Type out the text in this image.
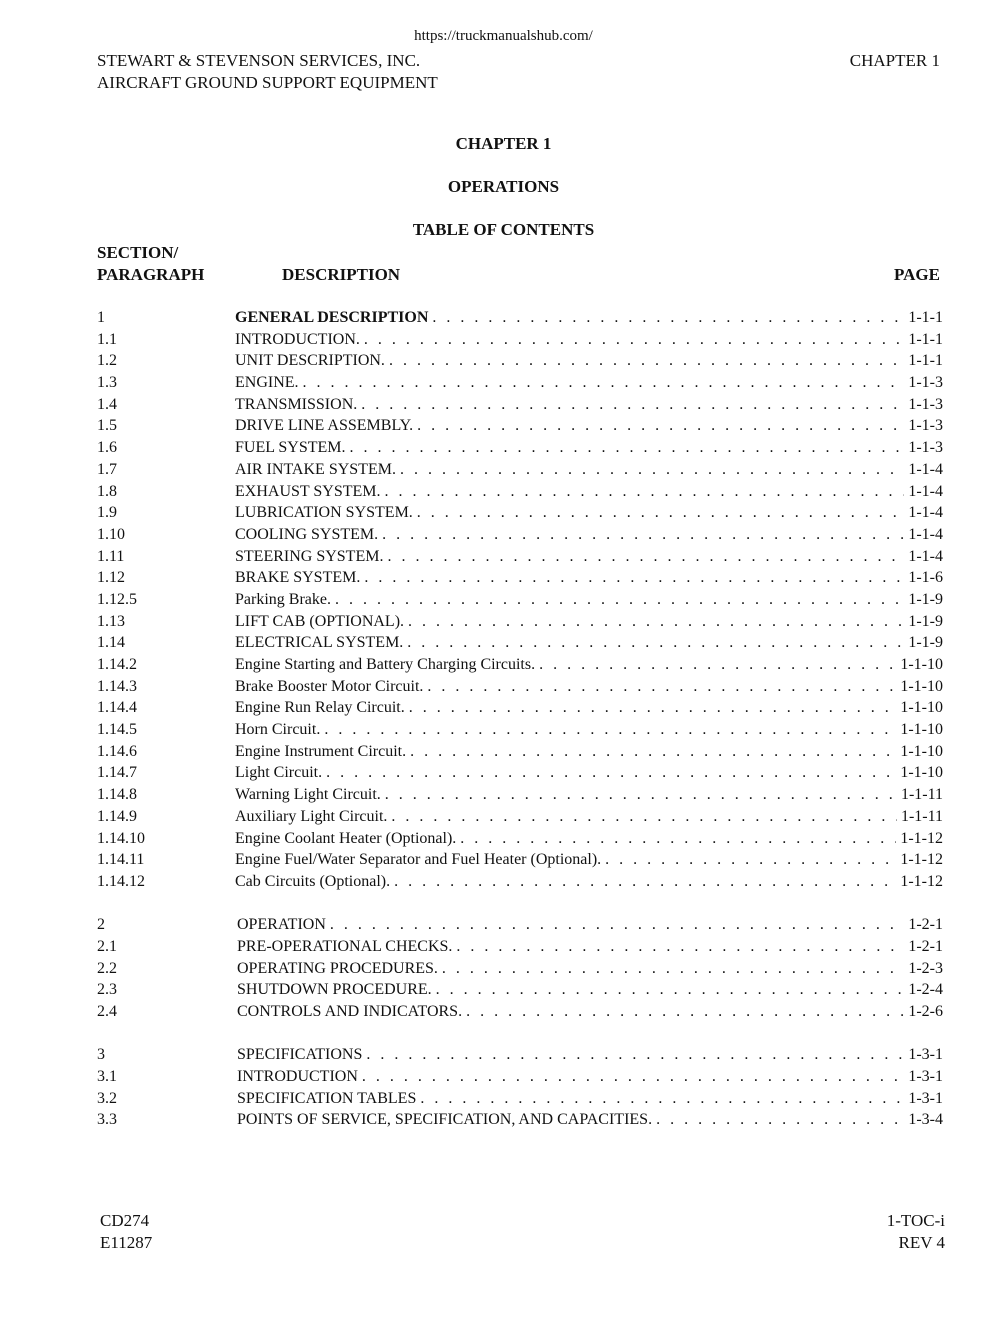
https://truckmanualshub.com/
STEWART & STEVENSON SERVICES, INC.
AIRCRAFT GROUND SUPPORT EQUIPMENT
CHAPTER 1
CHAPTER 1
OPERATIONS
TABLE OF CONTENTS
SECTION/
PARAGRAPH	DESCRIPTION	PAGE
1	GENERAL DESCRIPTION . . .	1-1-1
1.1	INTRODUCTION. . . .	1-1-1
1.2	UNIT DESCRIPTION. . . .	1-1-1
1.3	ENGINE. . . .	1-1-3
1.4	TRANSMISSION. . . .	1-1-3
1.5	DRIVE LINE ASSEMBLY. . . .	1-1-3
1.6	FUEL SYSTEM. . . .	1-1-3
1.7	AIR INTAKE SYSTEM. . . .	1-1-4
1.8	EXHAUST SYSTEM. . . .	1-1-4
1.9	LUBRICATION SYSTEM. . . .	1-1-4
1.10	COOLING SYSTEM. . . .	1-1-4
1.11	STEERING SYSTEM. . . .	1-1-4
1.12	BRAKE SYSTEM. . . .	1-1-6
1.12.5	Parking Brake. . . .	1-1-9
1.13	LIFT CAB (OPTIONAL). . . .	1-1-9
1.14	ELECTRICAL SYSTEM. . . .	1-1-9
1.14.2	Engine Starting and Battery Charging Circuits. . . .	1-1-10
1.14.3	Brake Booster Motor Circuit. . . .	1-1-10
1.14.4	Engine Run Relay Circuit. . . .	1-1-10
1.14.5	Horn Circuit. . . .	1-1-10
1.14.6	Engine Instrument Circuit. . . .	1-1-10
1.14.7	Light Circuit. . . .	1-1-10
1.14.8	Warning Light Circuit. . . .	1-1-11
1.14.9	Auxiliary Light Circuit. . . .	1-1-11
1.14.10	Engine Coolant Heater (Optional). . . .	1-1-12
1.14.11	Engine Fuel/Water Separator and Fuel Heater (Optional). . . .	1-1-12
1.14.12	Cab Circuits (Optional). . . .	1-1-12
2	OPERATION . . .	1-2-1
2.1	PRE-OPERATIONAL CHECKS. . . .	1-2-1
2.2	OPERATING PROCEDURES. . . .	1-2-3
2.3	SHUTDOWN PROCEDURE. . . .	1-2-4
2.4	CONTROLS AND INDICATORS. . . .	1-2-6
3	SPECIFICATIONS . . .	1-3-1
3.1	INTRODUCTION . . .	1-3-1
3.2	SPECIFICATION TABLES . . .	1-3-1
3.3	POINTS OF SERVICE, SPECIFICATION, AND CAPACITIES. . . .	1-3-4
CD274
E11287
1-TOC-i
REV 4
